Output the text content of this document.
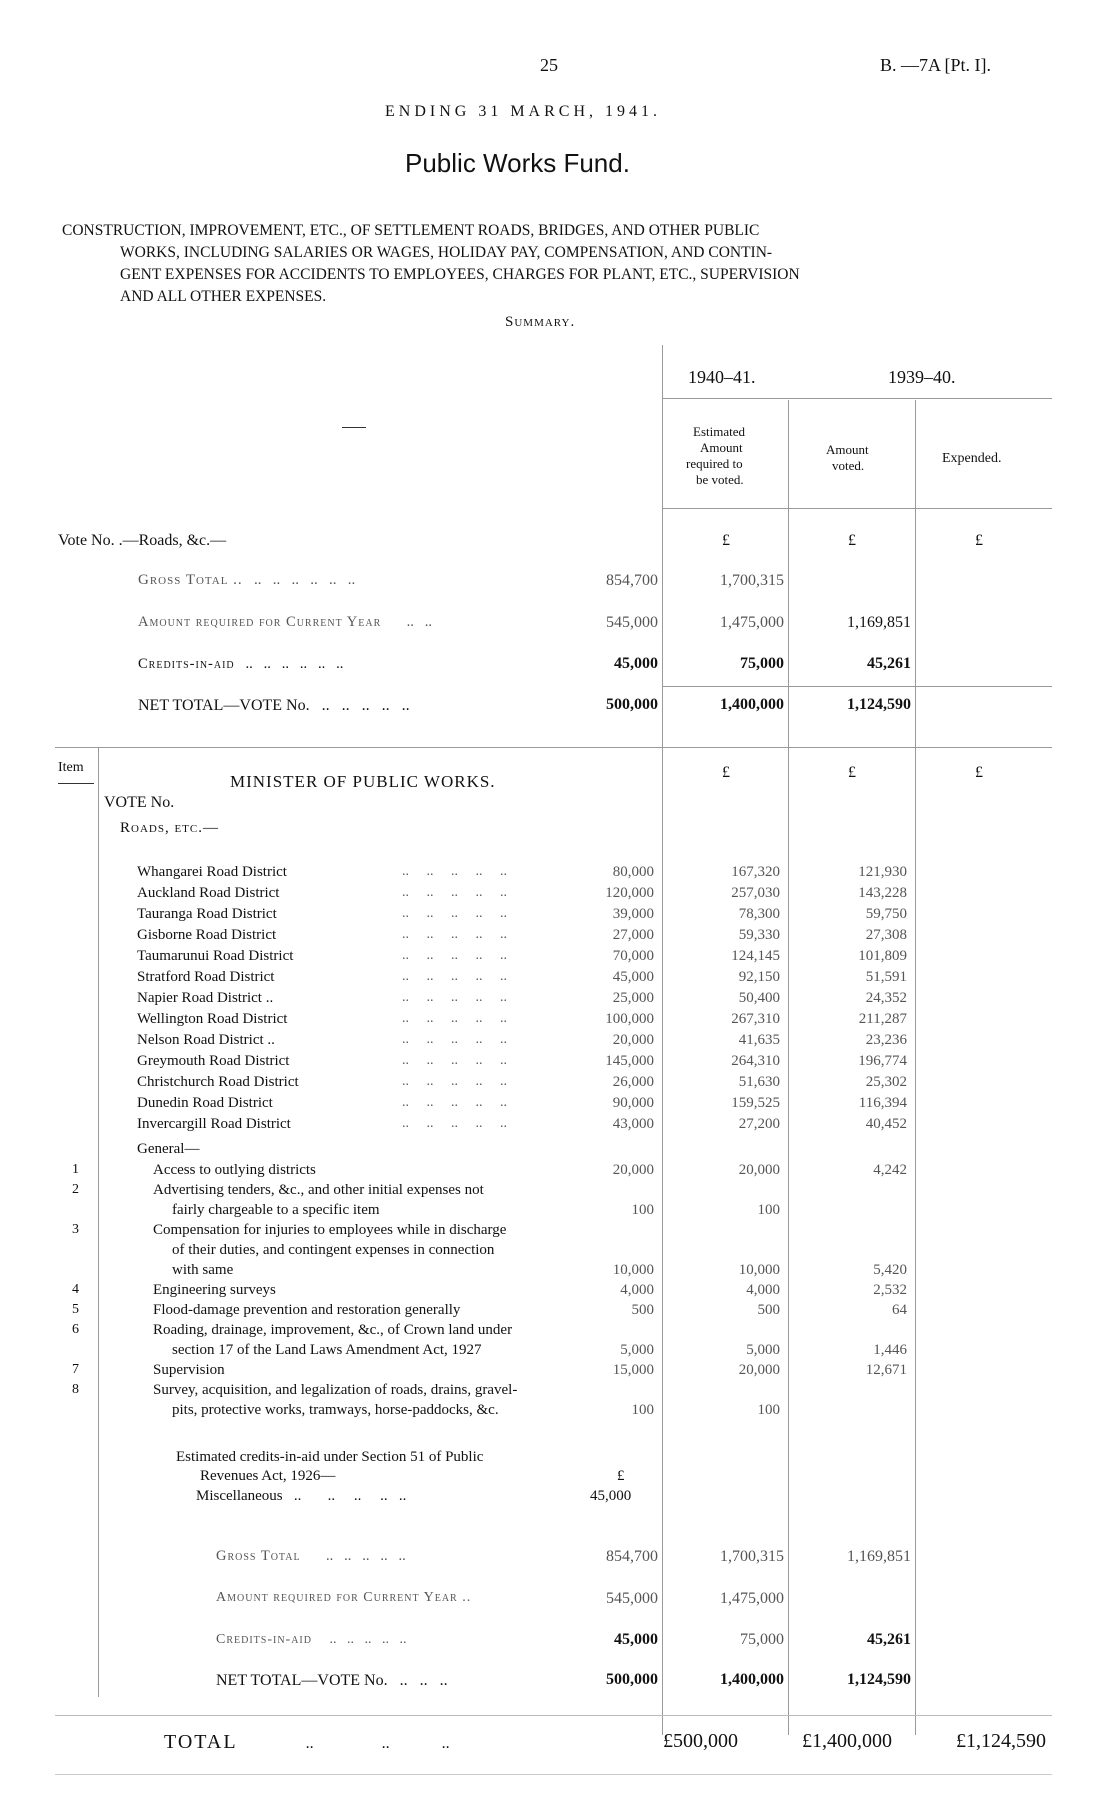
25	B. —7A [Pt. I].
ENDING 31 MARCH, 1941.
Public Works Fund.
CONSTRUCTION, IMPROVEMENT, ETC., OF SETTLEMENT ROADS, BRIDGES, AND OTHER PUBLIC
WORKS, INCLUDING SALARIES OR WAGES, HOLIDAY PAY, COMPENSATION, AND CONTIN-
GENT EXPENSES FOR ACCIDENTS TO EMPLOYEES, CHARGES FOR PLANT, ETC., SUPERVISION
AND ALL OTHER EXPENSES.
Summary.
1940–41.	1939–40.
Estimated
Amount
required to
be voted.
Amount
voted.	Expended.
Vote No. .—Roads, &c.—	£	£	£
Gross Total ..   ..   ..   ..   ..   ..   ..	854,700	1,700,315
Amount required for Current Year       ..   ..	545,000	1,475,000	1,169,851
Credits-in-aid   ..   ..   ..   ..   ..   ..	45,000	75,000	45,261
NET TOTAL—VOTE No.   ..   ..   ..   ..   ..	500,000	1,400,000	1,124,590
Item
MINISTER OF PUBLIC WORKS.
VOTE No.
Roads, etc.—
£	£	£
Whangarei Road District	..     ..     ..     ..     ..	80,000	167,320	121,930
Auckland Road District	..     ..     ..     ..     ..	120,000	257,030	143,228
Tauranga Road District	..     ..     ..     ..     ..	39,000	78,300	59,750
Gisborne Road District	..     ..     ..     ..     ..	27,000	59,330	27,308
Taumarunui Road District	..     ..     ..     ..     ..	70,000	124,145	101,809
Stratford Road District	..     ..     ..     ..     ..	45,000	92,150	51,591
Napier Road District ..	..     ..     ..     ..     ..	25,000	50,400	24,352
Wellington Road District	..     ..     ..     ..     ..	100,000	267,310	211,287
Nelson Road District ..	..     ..     ..     ..     ..	20,000	41,635	23,236
Greymouth Road District	..     ..     ..     ..     ..	145,000	264,310	196,774
Christchurch Road District	..     ..     ..     ..     ..	26,000	51,630	25,302
Dunedin Road District	..     ..     ..     ..     ..	90,000	159,525	116,394
Invercargill Road District	..     ..     ..     ..     ..	43,000	27,200	40,452
General—
1	Access to outlying districts	20,000	20,000	4,242
2	Advertising tenders, &c., and other initial expenses not
fairly chargeable to a specific item	100	100
3	Compensation for injuries to employees while in discharge
of their duties, and contingent expenses in connection
with same	10,000	10,000	5,420
4	Engineering surveys	4,000	4,000	2,532
5	Flood-damage prevention and restoration generally	500	500	64
6	Roading, drainage, improvement, &c., of Crown land under
section 17 of the Land Laws Amendment Act, 1927	5,000	5,000	1,446
7	Supervision	15,000	20,000	12,671
8	Survey, acquisition, and legalization of roads, drains, gravel-
pits, protective works, tramways, horse-paddocks, &c.	100	100
Estimated credits-in-aid under Section 51 of Public
Revenues Act, 1926—	£
Miscellaneous   ..       ..     ..     ..   ..	45,000
Gross Total       ..   ..   ..   ..   ..	854,700	1,700,315	1,169,851
Amount required for Current Year ..	545,000	1,475,000
Credits-in-aid     ..   ..   ..   ..   ..	45,000	75,000	45,261
NET TOTAL—VOTE No.   ..   ..   ..	500,000	1,400,000	1,124,590
TOTAL                 ..                 ..             ..	£500,000	£1,400,000	£1,124,590
